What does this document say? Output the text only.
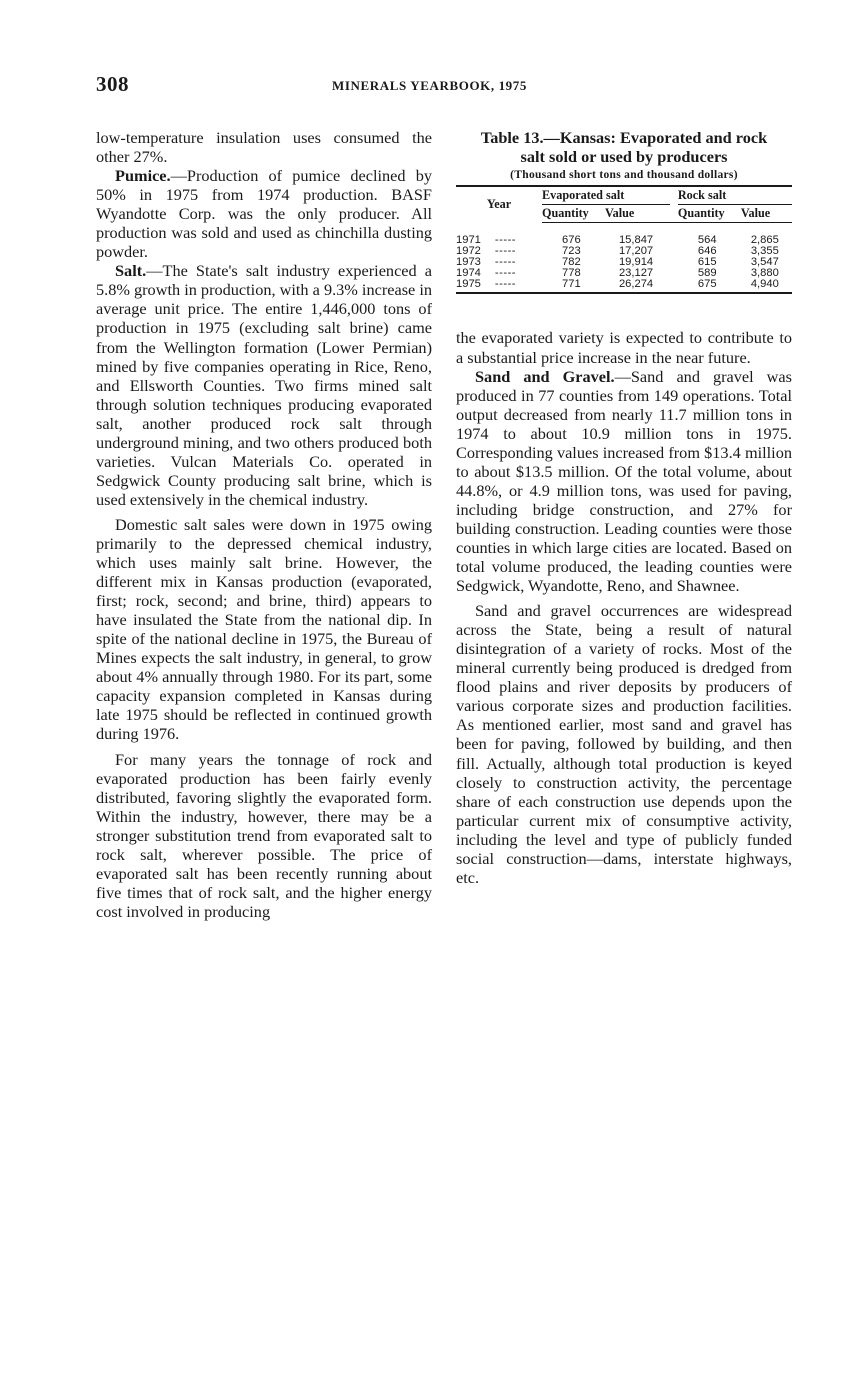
308	MINERALS YEARBOOK, 1975

low-temperature insulation uses consumed the other 27%.

Pumice.—Production of pumice declined by 50% in 1975 from 1974 production. BASF Wyandotte Corp. was the only producer. All production was sold and used as chinchilla dusting powder.

Salt.—The State's salt industry experienced a 5.8% growth in production, with a 9.3% increase in average unit price. The entire 1,446,000 tons of production in 1975 (excluding salt brine) came from the Wellington formation (Lower Permian) mined by five companies operating in Rice, Reno, and Ellsworth Counties. Two firms mined salt through solution techniques producing evaporated salt, another produced rock salt through underground mining, and two others produced both varieties. Vulcan Materials Co. operated in Sedgwick County producing salt brine, which is used extensively in the chemical industry.

Domestic salt sales were down in 1975 owing primarily to the depressed chemical industry, which uses mainly salt brine. However, the different mix in Kansas production (evaporated, first; rock, second; and brine, third) appears to have insulated the State from the national dip. In spite of the national decline in 1975, the Bureau of Mines expects the salt industry, in general, to grow about 4% annually through 1980. For its part, some capacity expansion completed in Kansas during late 1975 should be reflected in continued growth during 1976.

For many years the tonnage of rock and evaporated production has been fairly evenly distributed, favoring slightly the evaporated form. Within the industry, however, there may be a stronger substitution trend from evaporated salt to rock salt, wherever possible. The price of evaporated salt has been recently running about five times that of rock salt, and the higher energy cost involved in producing

Table 13.—Kansas: Evaporated and rock

salt sold or used by producers

(Thousand short tons and thousand dollars)

Year	Evaporated salt			Rock salt	
	Quantity	Value		Quantity	Value
1971 -----	676	15,847		564	2,865
1972 -----	723	17,207		646	3,355
1973 -----	782	19,914		615	3,547
1974 -----	778	23,127		589	3,880
1975 -----	771	26,274		675	4,940

the evaporated variety is expected to contribute to a substantial price increase in the near future.

Sand and Gravel.—Sand and gravel was produced in 77 counties from 149 operations. Total output decreased from nearly 11.7 million tons in 1974 to about 10.9 million tons in 1975. Corresponding values increased from $13.4 million to about $13.5 million. Of the total volume, about 44.8%, or 4.9 million tons, was used for paving, including bridge construction, and 27% for building construction. Leading counties were those counties in which large cities are located. Based on total volume produced, the leading counties were Sedgwick, Wyandotte, Reno, and Shawnee.

Sand and gravel occurrences are widespread across the State, being a result of natural disintegration of a variety of rocks. Most of the mineral currently being produced is dredged from flood plains and river deposits by producers of various corporate sizes and production facilities. As mentioned earlier, most sand and gravel has been for paving, followed by building, and then fill. Actually, although total production is keyed closely to construction activity, the percentage share of each construction use depends upon the particular current mix of consumptive activity, including the level and type of publicly funded social construction—dams, interstate highways, etc.
